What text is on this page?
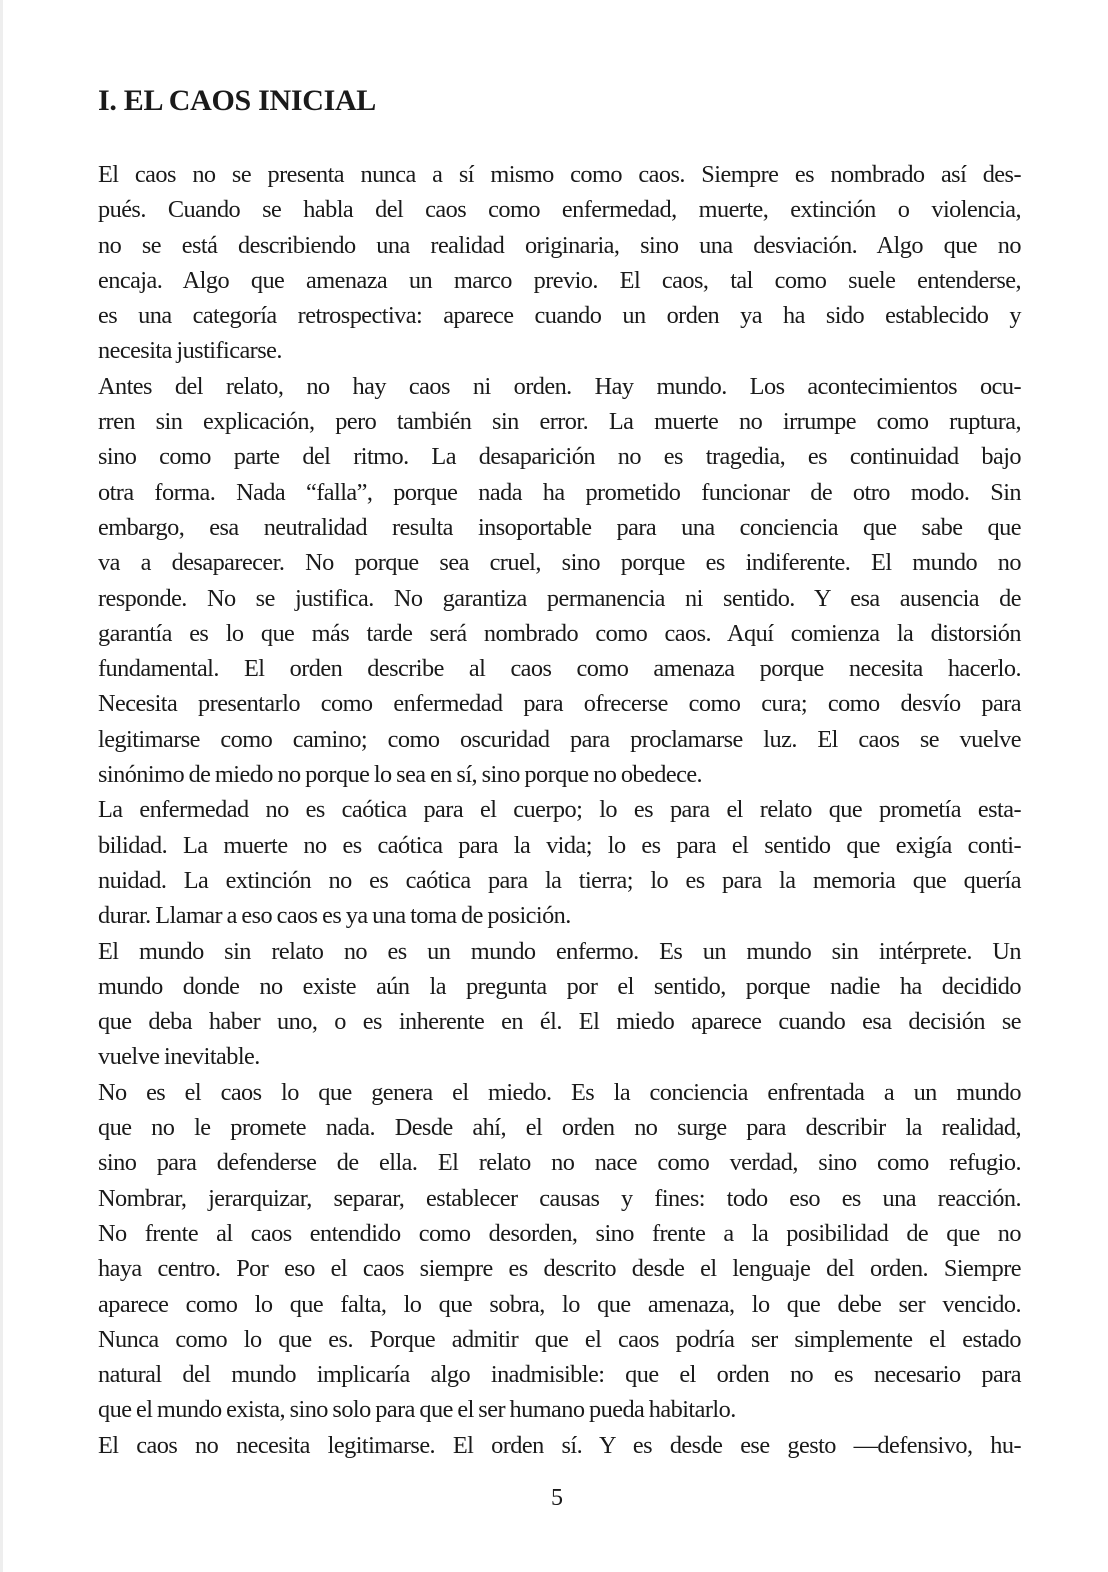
I. EL CAOS INICIAL
El caos no se presenta nunca a sí mismo como caos. Siempre es nombrado así des-
pués. Cuando se habla del caos como enfermedad, muerte, extinción o violencia,
no se está describiendo una realidad originaria, sino una desviación. Algo que no
encaja. Algo que amenaza un marco previo. El caos, tal como suele entenderse,
es una categoría retrospectiva: aparece cuando un orden ya ha sido establecido y
necesita justificarse.
Antes del relato, no hay caos ni orden. Hay mundo. Los acontecimientos ocu-
rren sin explicación, pero también sin error. La muerte no irrumpe como ruptura,
sino como parte del ritmo. La desaparición no es tragedia, es continuidad bajo
otra forma. Nada “falla”, porque nada ha prometido funcionar de otro modo. Sin
embargo, esa neutralidad resulta insoportable para una conciencia que sabe que
va a desaparecer. No porque sea cruel, sino porque es indiferente. El mundo no
responde. No se justifica. No garantiza permanencia ni sentido. Y esa ausencia de
garantía es lo que más tarde será nombrado como caos. Aquí comienza la distorsión
fundamental. El orden describe al caos como amenaza porque necesita hacerlo.
Necesita presentarlo como enfermedad para ofrecerse como cura; como desvío para
legitimarse como camino; como oscuridad para proclamarse luz. El caos se vuelve
sinónimo de miedo no porque lo sea en sí, sino porque no obedece.
La enfermedad no es caótica para el cuerpo; lo es para el relato que prometía esta-
bilidad. La muerte no es caótica para la vida; lo es para el sentido que exigía conti-
nuidad. La extinción no es caótica para la tierra; lo es para la memoria que quería
durar. Llamar a eso caos es ya una toma de posición.
El mundo sin relato no es un mundo enfermo. Es un mundo sin intérprete. Un
mundo donde no existe aún la pregunta por el sentido, porque nadie ha decidido
que deba haber uno, o es inherente en él. El miedo aparece cuando esa decisión se
vuelve inevitable.
No es el caos lo que genera el miedo. Es la conciencia enfrentada a un mundo
que no le promete nada. Desde ahí, el orden no surge para describir la realidad,
sino para defenderse de ella. El relato no nace como verdad, sino como refugio.
Nombrar, jerarquizar, separar, establecer causas y fines: todo eso es una reacción.
No frente al caos entendido como desorden, sino frente a la posibilidad de que no
haya centro. Por eso el caos siempre es descrito desde el lenguaje del orden. Siempre
aparece como lo que falta, lo que sobra, lo que amenaza, lo que debe ser vencido.
Nunca como lo que es. Porque admitir que el caos podría ser simplemente el estado
natural del mundo implicaría algo inadmisible: que el orden no es necesario para
que el mundo exista, sino solo para que el ser humano pueda habitarlo.
El caos no necesita legitimarse. El orden sí. Y es desde ese gesto —defensivo, hu-
5
